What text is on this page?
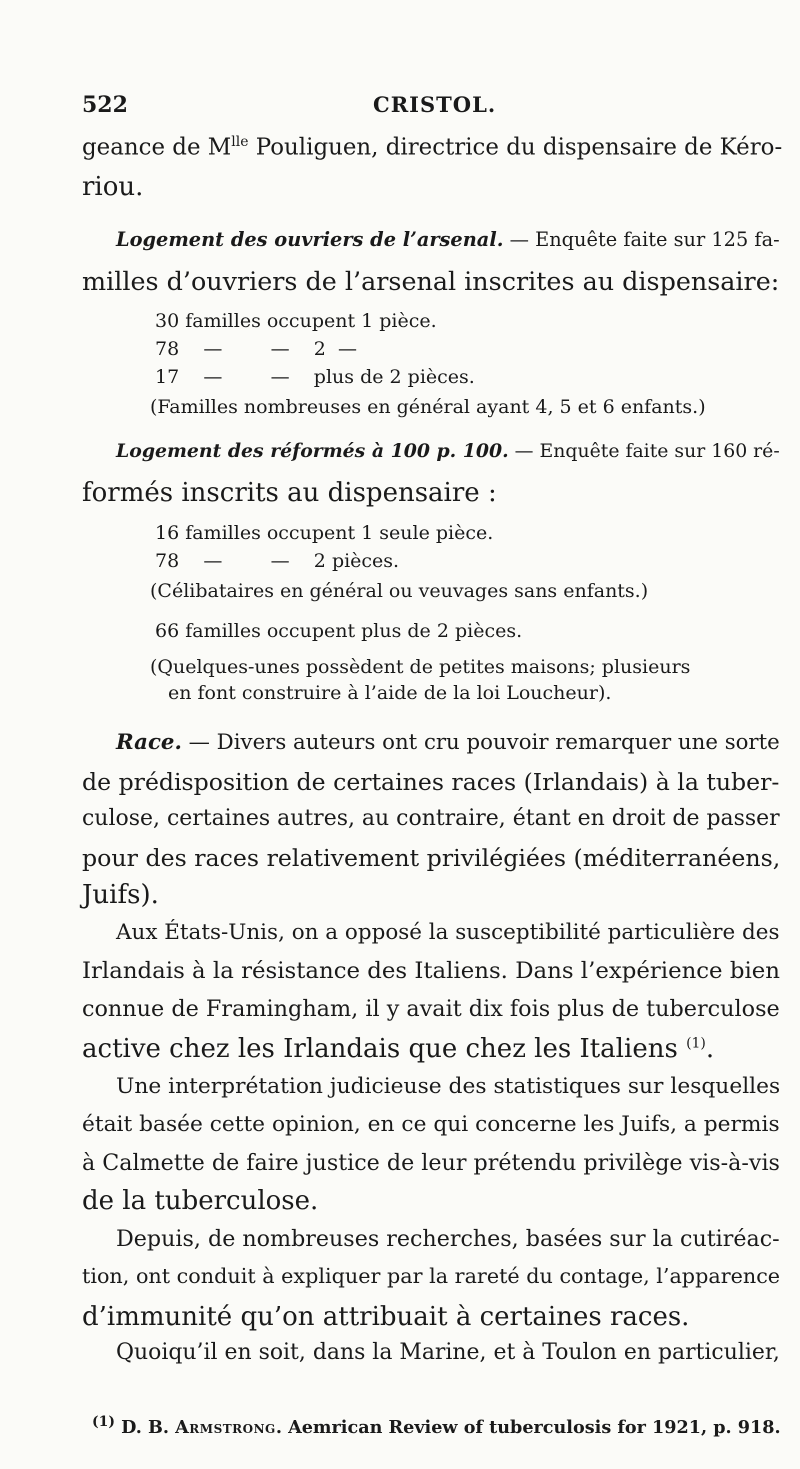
522	CRISTOL.
geance de $M^{lle}$ Pouliguen, directrice du dispensaire de Kéro-
riou.
Logement des ouvriers de l’arsenal. — Enquête faite sur 125 fa-
milles d’ouvriers de l’arsenal inscrites au dispensaire:
30 familles occupent 1 pièce.
78    —        —    2  —
17    —        —    plus de 2 pièces.
(Familles nombreuses en général ayant 4, 5 et 6 enfants.)
Logement des réformés à 100 p. 100. — Enquête faite sur 160 ré-
formés inscrits au dispensaire :
16 familles occupent 1 seule pièce.
78    —        —    2 pièces.
(Célibataires en général ou veuvages sans enfants.)
66 familles occupent plus de 2 pièces.
(Quelques-unes possèdent de petites maisons; plusieurs
en font construire à l’aide de la loi Loucheur).
Race. — Divers auteurs ont cru pouvoir remarquer une sorte
de prédisposition de certaines races (Irlandais) à la tuber-
culose, certaines autres, au contraire, étant en droit de passer
pour des races relativement privilégiées (méditerranéens,
Juifs).
Aux États-Unis, on a opposé la susceptibilité particulière des
Irlandais à la résistance des Italiens. Dans l’expérience bien
connue de Framingham, il y avait dix fois plus de tuberculose
active chez les Irlandais que chez les Italiens $^{(1)}$.
Une interprétation judicieuse des statistiques sur lesquelles
était basée cette opinion, en ce qui concerne les Juifs, a permis
à Calmette de faire justice de leur prétendu privilège vis-à-vis
de la tuberculose.
Depuis, de nombreuses recherches, basées sur la cutiréac-
tion, ont conduit à expliquer par la rareté du contage, l’apparence
d’immunité qu’on attribuait à certaines races.
Quoiqu’il en soit, dans la Marine, et à Toulon en particulier,
$^{(1)}$ D. B. Armstrong. Aemrican Review of tuberculosis for 1921, p. 918.
